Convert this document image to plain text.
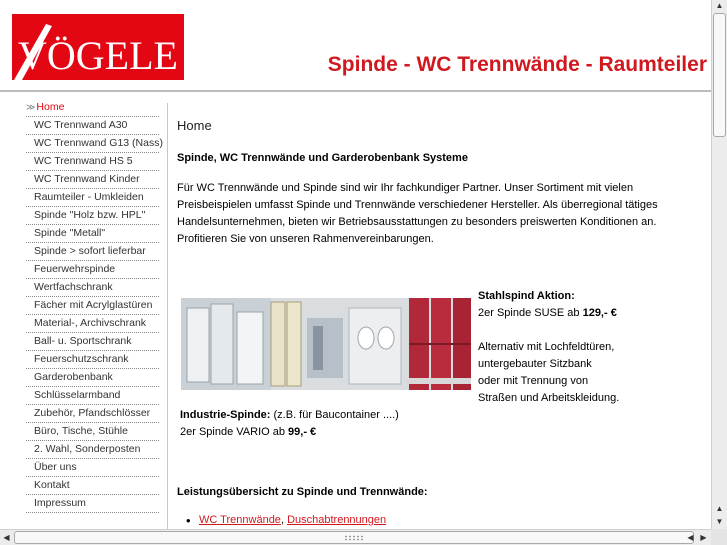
VÖGELE	Spinde - WC Trennwände - Raumteiler
≫Home
WC Trennwand A30
WC Trennwand G13 (Nass)
WC Trennwand HS 5
WC Trennwand Kinder
Raumteiler - Umkleiden
Spinde "Holz bzw. HPL"
Spinde "Metall"
Spinde > sofort lieferbar
Feuerwehrspinde
Wertfachschrank
Fächer mit Acrylglastüren
Material-, Archivschrank
Ball- u. Sportschrank
Feuerschutzschrank
Garderobenbank
Schlüsselarmband
Zubehör, Pfandschlösser
Büro, Tische, Stühle
2. Wahl, Sonderposten
Über uns
Kontakt
Impressum
Home
Spinde, WC Trennwände und Garderobenbank Systeme

Für WC Trennwände und Spinde sind wir Ihr fachkundiger Partner. Unser Sortiment mit vielen Preisbeispielen umfasst Spinde und Trennwände verschiedener Hersteller. Als überregional tätiges Handelsunternehmen, bieten wir Betriebsausstattungen zu besonders preiswerten Konditionen an. Profitieren Sie von unseren Rahmenvereinbarungen.

Stahlspind Aktion:
2er Spinde SUSE ab 129,- €
Alternativ mit Lochfeldtüren,
untergebauter Sitzbank
oder mit Trennung von
Straßen und Arbeitskleidung.
Industrie-Spinde: (z.B. für Baucontainer ....)
2er Spinde VARIO ab 99,- €
Leistungsübersicht zu Spinde und Trennwände:
• WC Trennwände, Duschabtrennungen
▲
▲
▼
◀	◀ ▶
